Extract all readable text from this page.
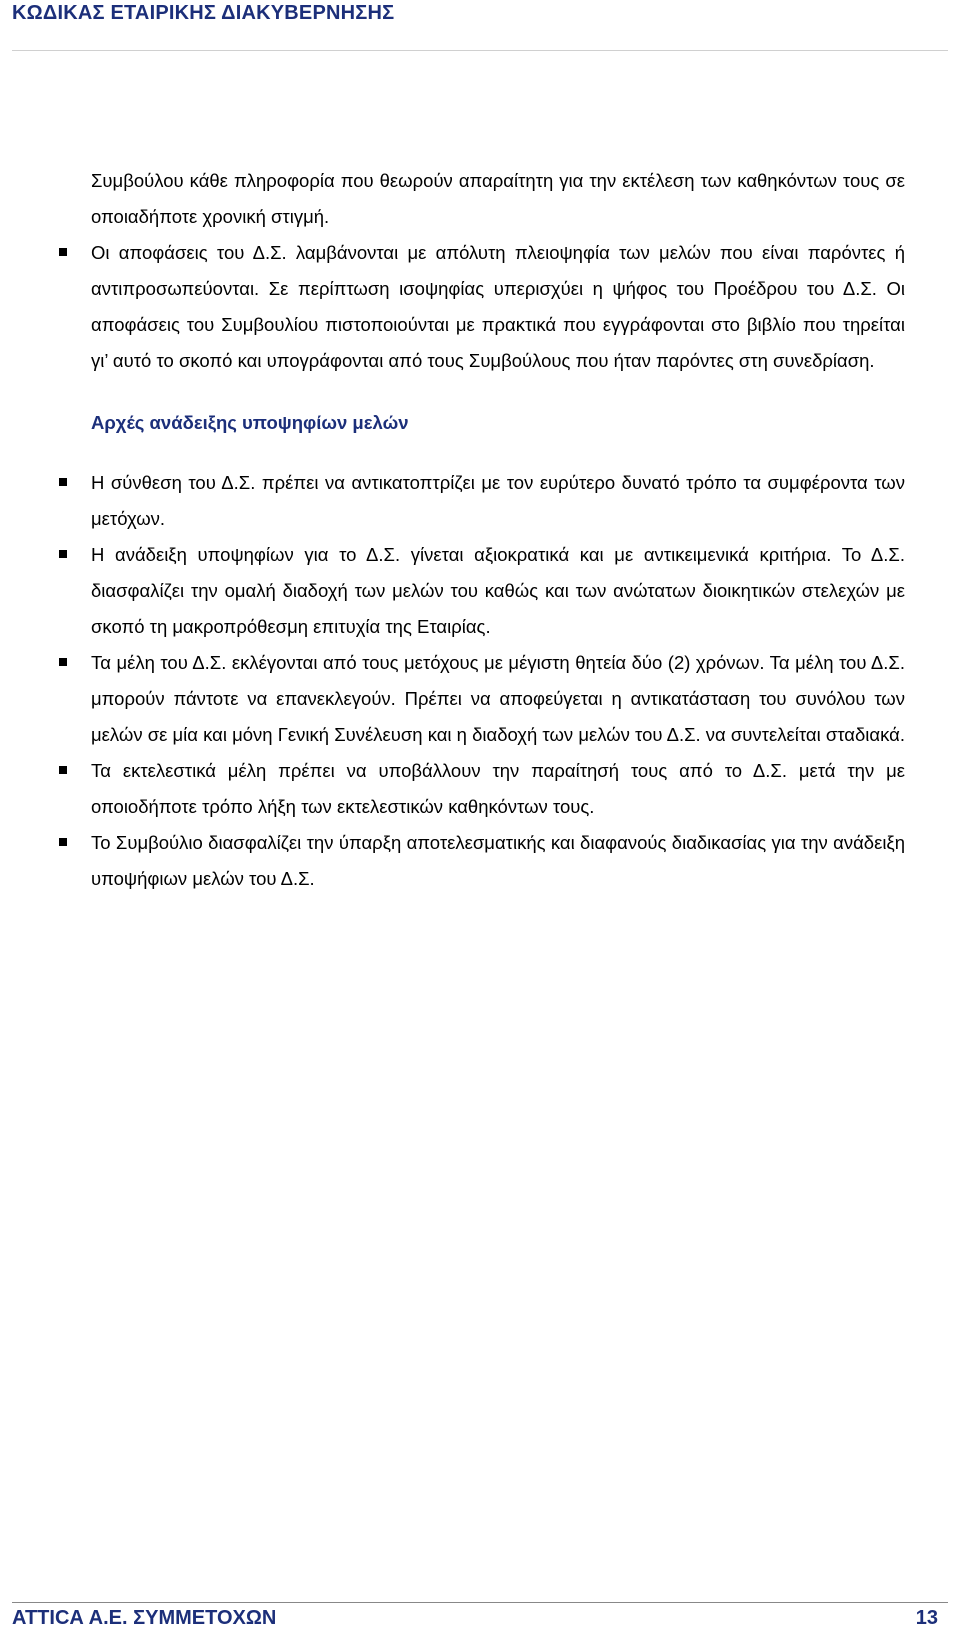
ΚΩΔΙΚΑΣ ΕΤΑΙΡΙΚΗΣ ΔΙΑΚΥΒΕΡΝΗΣΗΣ

Συμβούλου κάθε πληροφορία που θεωρούν απαραίτητη για την εκτέλεση των καθηκόντων τους σε οποιαδήποτε χρονική στιγμή.

Οι αποφάσεις του Δ.Σ. λαμβάνονται με απόλυτη πλειοψηφία των μελών που είναι παρόντες ή αντιπροσωπεύονται. Σε περίπτωση ισοψηφίας υπερισχύει η ψήφος του Προέδρου του Δ.Σ. Οι αποφάσεις του Συμβουλίου πιστοποιούνται με πρακτικά που εγγράφονται στο βιβλίο που τηρείται γι’ αυτό το σκοπό και υπογράφονται από τους Συμβούλους που ήταν παρόντες στη συνεδρίαση.
Αρχές ανάδειξης υποψηφίων μελών
Η σύνθεση του Δ.Σ. πρέπει να αντικατοπτρίζει με τον ευρύτερο δυνατό τρόπο τα συμφέροντα των μετόχων.
Η ανάδειξη υποψηφίων για το Δ.Σ. γίνεται αξιοκρατικά και με αντικειμενικά κριτήρια. Το Δ.Σ. διασφαλίζει την ομαλή διαδοχή των μελών του καθώς και των ανώτατων διοικητικών στελεχών με σκοπό τη μακροπρόθεσμη επιτυχία της Εταιρίας.
Τα μέλη του Δ.Σ. εκλέγονται από τους μετόχους με μέγιστη θητεία δύο (2) χρόνων. Τα μέλη του Δ.Σ. μπορούν πάντοτε να επανεκλεγούν. Πρέπει να αποφεύγεται η αντικατάσταση του συνόλου των μελών σε μία και μόνη Γενική Συνέλευση και η διαδοχή των μελών του Δ.Σ. να συντελείται σταδιακά.
Τα εκτελεστικά μέλη πρέπει να υποβάλλουν την παραίτησή τους από το Δ.Σ. μετά την με οποιοδήποτε τρόπο λήξη των εκτελεστικών καθηκόντων τους.
Το Συμβούλιο διασφαλίζει την ύπαρξη αποτελεσματικής και διαφανούς διαδικασίας για την ανάδειξη υποψήφιων μελών του Δ.Σ.
ATTICA Α.Ε. ΣΥΜΜΕΤΟΧΩΝ	13
